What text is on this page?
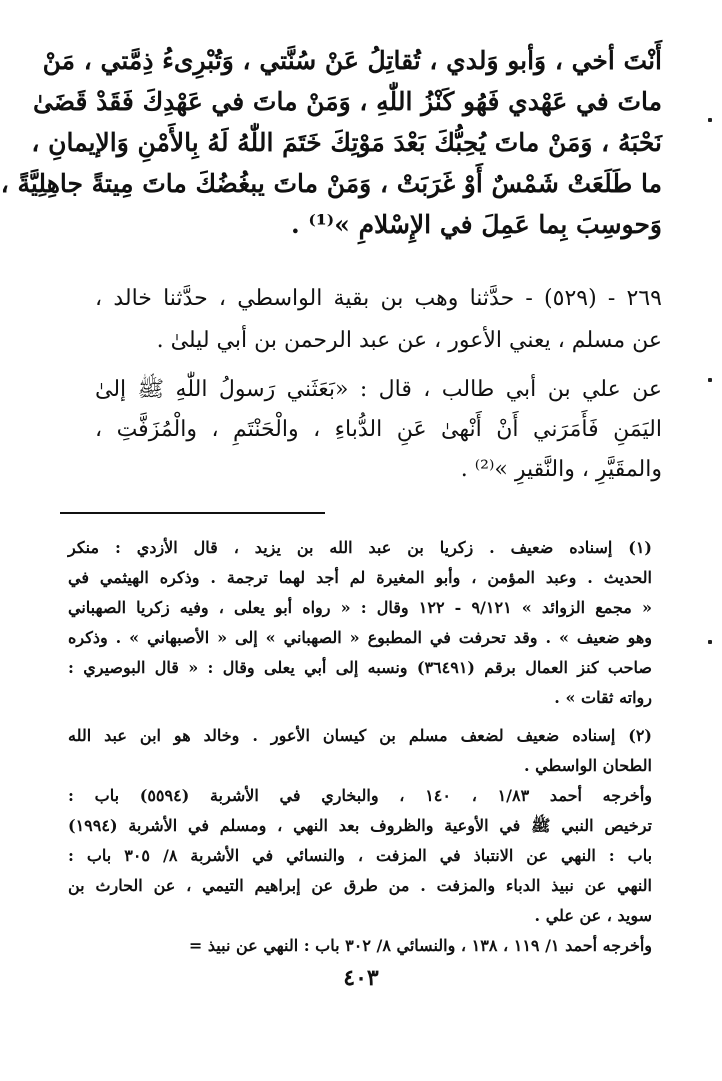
أَنْتَ أخي ، وَأبو وَلدي ، تُقاتِلُ عَنْ سُنَّتي ، وَتُبْرِىءُ ذِمَّتي ، مَنْ

ماتَ في عَهْدي فَهُو كَنْزُ اللّٰهِ ، وَمَنْ ماتَ في عَهْدِكَ فَقَدْ قَضَىٰ

نَحْبَهُ ، وَمَنْ ماتَ يُحِبُّكَ بَعْدَ مَوْتِكَ خَتَمَ اللّٰهُ لَهُ بِالأَمْنِ وَالإيمانِ ،

ما طَلَعَتْ شَمْسٌ أَوْ غَرَبَتْ ، وَمَنْ ماتَ يبغُضُكَ ماتَ مِيتةً جاهِلِيَّةً ،

وَحوسِبَ بِما عَمِلَ في الإِسْلامِ »⁽¹⁾ .

٢٦٩ - (٥٢٩) - حدَّثنا وهب بن بقية الواسطي ، حدَّثنا خالد ،

عن مسلم ، يعني الأعور ، عن عبد الرحمن بن أبي ليلىٰ .

عن علي بن أبي طالب ، قال : «بَعَثَني رَسولُ اللّٰهِ ﷺ إلىٰ

اليَمَنِ فَأَمَرَني أَنْ أَنْهىٰ عَنِ الدُّباءِ ، والْحَنْتَمِ ، والْمُزَفَّتِ ،

والمقَيَّرِ ، والنَّقيرِ »⁽²⁾ .

(١) إسناده ضعيف . زكريا بن عبد الله بن يزيد ، قال الأزدي : منكر

الحديث . وعبد المؤمن ، وأبو المغيرة لم أجد لهما ترجمة . وذكره الهيثمي في

« مجمع الزوائد » ٩/١٢١ - ١٢٢ وقال : « رواه أبو يعلى ، وفيه زكريا الصهباني

وهو ضعيف » . وقد تحرفت في المطبوع « الصهباني » إلى « الأصبهاني » . وذكره

صاحب كنز العمال برقم (٣٦٤٩١) ونسبه إلى أبي يعلى وقال : « قال البوصيري :

رواته ثقات » .

(٢) إسناده ضعيف لضعف مسلم بن كيسان الأعور . وخالد هو ابن عبد الله

الطحان الواسطي .

وأخرجه أحمد ١/٨٣ ، ١٤٠ ، والبخاري في الأشربة (٥٥٩٤) باب :

ترخيص النبي ﷺ في الأوعية والظروف بعد النهي ، ومسلم في الأشربة (١٩٩٤)

باب : النهي عن الانتباذ في المزفت ، والنسائي في الأشربة ٨/ ٣٠٥ باب :

النهي عن نبيذ الدباء والمزفت . من طرق عن إبراهيم التيمي ، عن الحارث بن

سويد ، عن علي .

وأخرجه أحمد ١/ ١١٩ ، ١٣٨ ، والنسائي ٨/ ٣٠٢ باب : النهي عن نبيذ =

٤٠٣
